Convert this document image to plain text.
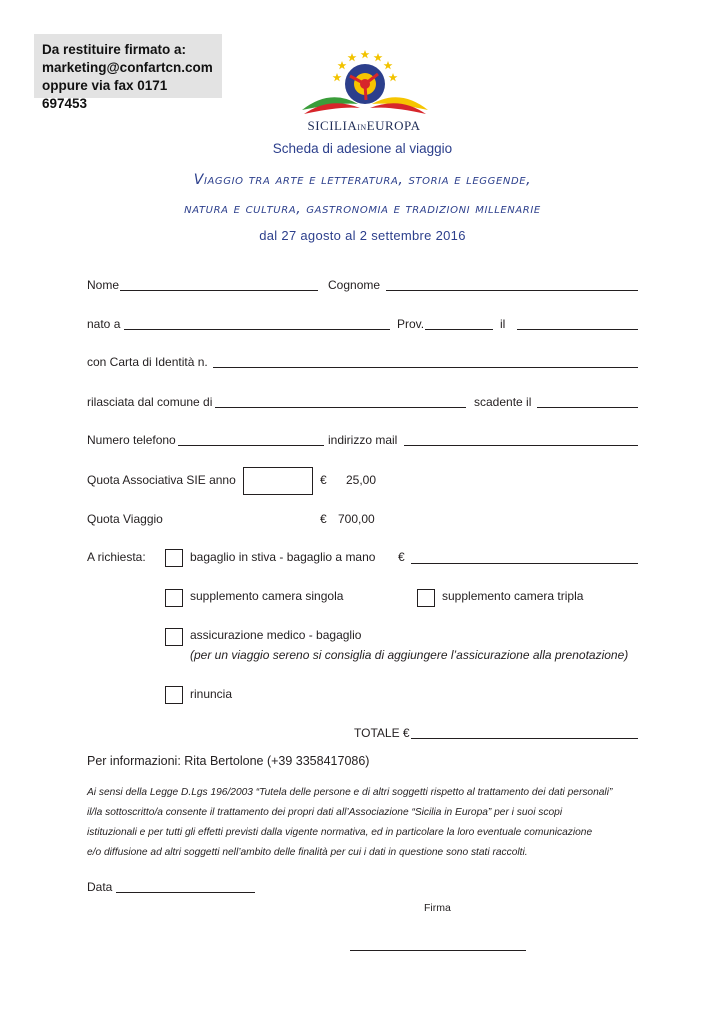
Da restituire firmato a:
marketing@confartcn.com
oppure via fax 0171 697453
SICILIAINEUROPA
Scheda di adesione al viaggio
Viaggio tra arte e letteratura, storia e leggende,
natura e cultura, gastronomia e tradizioni millenarie
dal 27 agosto al 2 settembre 2016
Nome	Cognome
nato a	Prov.	il
con Carta di Identità n.
rilasciata dal comune di	scadente il
Numero telefono	indirizzo mail
Quota Associativa SIE anno	€ 25,00
Quota Viaggio	€ 700,00
A richiesta:	bagaglio in stiva - bagaglio a mano €
supplemento camera singola	supplemento camera tripla
assicurazione medico - bagaglio
(per un viaggio sereno si consiglia di aggiungere l’assicurazione alla prenotazione)
rinuncia
TOTALE €
Per informazioni: Rita Bertolone (+39 3358417086)
Ai sensi della Legge D.Lgs 196/2003 “Tutela delle persone e di altri soggetti rispetto al trattamento dei dati personali”
il/la sottoscritto/a consente il trattamento dei propri dati all’Associazione “Sicilia in Europa” per i suoi scopi
istituzionali e per tutti gli effetti previsti dalla vigente normativa, ed in particolare la loro eventuale comunicazione
e/o diffusione ad altri soggetti nell’ambito delle finalità per cui i dati in questione sono stati raccolti.
Data
Firma
